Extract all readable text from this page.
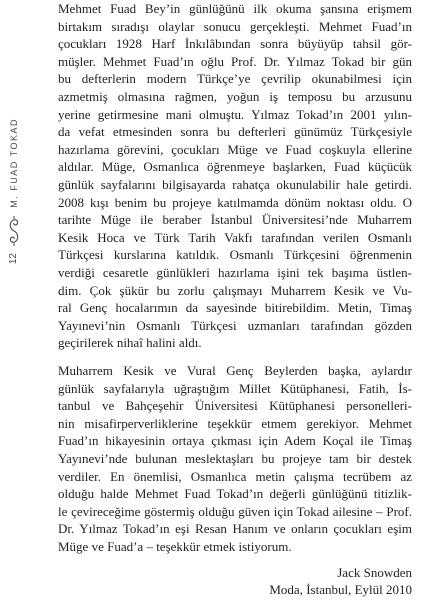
M. FUAD TOKAD
12
Mehmet Fuad Bey’in günlüğünü ilk okuma şansına erişmem
birtakım sıradışı olaylar sonucu gerçekleşti. Mehmet Fuad’ın
çocukları 1928 Harf İnkılâbından sonra büyüyüp tahsil gör-
müşler. Mehmet Fuad’ın oğlu Prof. Dr. Yılmaz Tokad bir gün
bu defterlerin modern Türkçe’ye çevrilip okunabilmesi için
azmetmiş olmasına rağmen, yoğun iş temposu bu arzusunu
yerine getirmesine mani olmuştu. Yılmaz Tokad’ın 2001 yılın-
da vefat etmesinden sonra bu defterleri günümüz Türkçesiyle
hazırlama görevini, çocukları Müge ve Fuad coşkuyla ellerine
aldılar. Müge, Osmanlıca öğrenmeye başlarken, Fuad küçücük
günlük sayfalarını bilgisayarda rahatça okunulabilir hale getirdi.
2008 kışı benim bu projeye katılmamda dönüm noktası oldu. O
tarihte Müge ile beraber İstanbul Üniversitesi’nde Muharrem
Kesik Hoca ve Türk Tarih Vakfı tarafından verilen Osmanlı
Türkçesi kurslarına katıldık. Osmanlı Türkçesini öğrenmenin
verdiği cesaretle günlükleri hazırlama işini tek başıma üstlen-
dim. Çok şükür bu zorlu çalışmayı Muharrem Kesik ve Vu-
ral Genç hocalarımın da sayesinde bitirebildim. Metin, Timaş
Yayınevi’nin Osmanlı Türkçesi uzmanları tarafından gözden
geçirilerek nihaî halini aldı.
Muharrem Kesik ve Vural Genç Beylerden başka, aylardır
günlük sayfalarıyla uğraştığım Millet Kütüphanesi, Fatih, İs-
tanbul ve Bahçeşehir Üniversitesi Kütüphanesi personelleri-
nin misafirperverliklerine teşekkür etmem gerekiyor. Mehmet
Fuad’ın hikayesinin ortaya çıkması için Adem Koçal ile Timaş
Yayınevi’nde bulunan meslektaşları bu projeye tam bir destek
verdiler. En önemlisi, Osmanlıca metin çalışma tecrübem az
olduğu halde Mehmet Fuad Tokad’ın değerli günlüğünü titizlik-
le çevireceğime göstermiş olduğu güven için Tokad ailesine – Prof.
Dr. Yılmaz Tokad’ın eşi Resan Hanım ve onların çocukları eşim
Müge ve Fuad’a – teşekkür etmek istiyorum.
Jack Snowden
Moda, İstanbul, Eylül 2010
